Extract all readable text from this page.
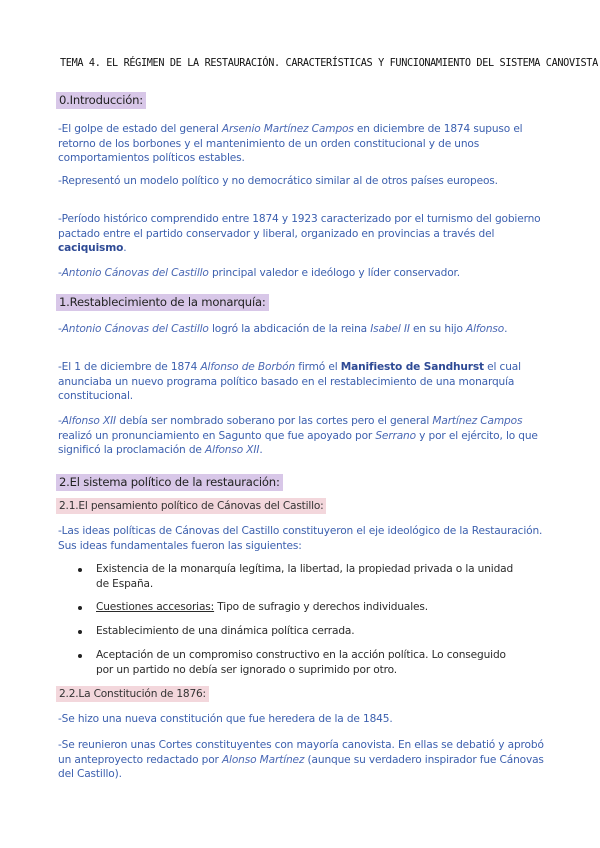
TEMA 4. EL RÉGIMEN DE LA RESTAURACIÓN. CARACTERÍSTICAS Y FUNCIONAMIENTO DEL SISTEMA CANOVISTA
0.Introducción:
-El golpe de estado del general Arsenio Martínez Campos en diciembre de 1874 supuso el retorno de los borbones y el mantenimiento de un orden constitucional y de unos comportamientos políticos estables.
-Representó un modelo político y no democrático similar al de otros países europeos.
-Período histórico comprendido entre 1874 y 1923 caracterizado por el turnismo del gobierno pactado entre el partido conservador y liberal, organizado en provincias a través del caciquismo.
-Antonio Cánovas del Castillo principal valedor e ideólogo y líder conservador.
1.Restablecimiento de la monarquía:
-Antonio Cánovas del Castillo logró la abdicación de la reina Isabel II en su hijo Alfonso.
-El 1 de diciembre de 1874 Alfonso de Borbón firmó el Manifiesto de Sandhurst el cual anunciaba un nuevo programa político basado en el restablecimiento de una monarquía constitucional.
-Alfonso XII debía ser nombrado soberano por las cortes pero el general Martínez Campos realizó un pronunciamiento en Sagunto que fue apoyado por Serrano y por el ejército, lo que significó la proclamación de Alfonso XII.
2.El sistema político de la restauración:
2.1.El pensamiento político de Cánovas del Castillo:
-Las ideas políticas de Cánovas del Castillo constituyeron el eje ideológico de la Restauración. Sus ideas fundamentales fueron las siguientes:
Existencia de la monarquía legítima, la libertad, la propiedad privada o la unidad de España.
Cuestiones accesorias: Tipo de sufragio y derechos individuales.
Establecimiento de una dinámica política cerrada.
Aceptación de un compromiso constructivo en la acción política. Lo conseguido por un partido no debía ser ignorado o suprimido por otro.
2.2.La Constitución de 1876:
-Se hizo una nueva constitución que fue heredera de la de 1845.
-Se reunieron unas Cortes constituyentes con mayoría canovista. En ellas se debatió y aprobó un anteproyecto redactado por Alonso Martínez (aunque su verdadero inspirador fue Cánovas del Castillo).
